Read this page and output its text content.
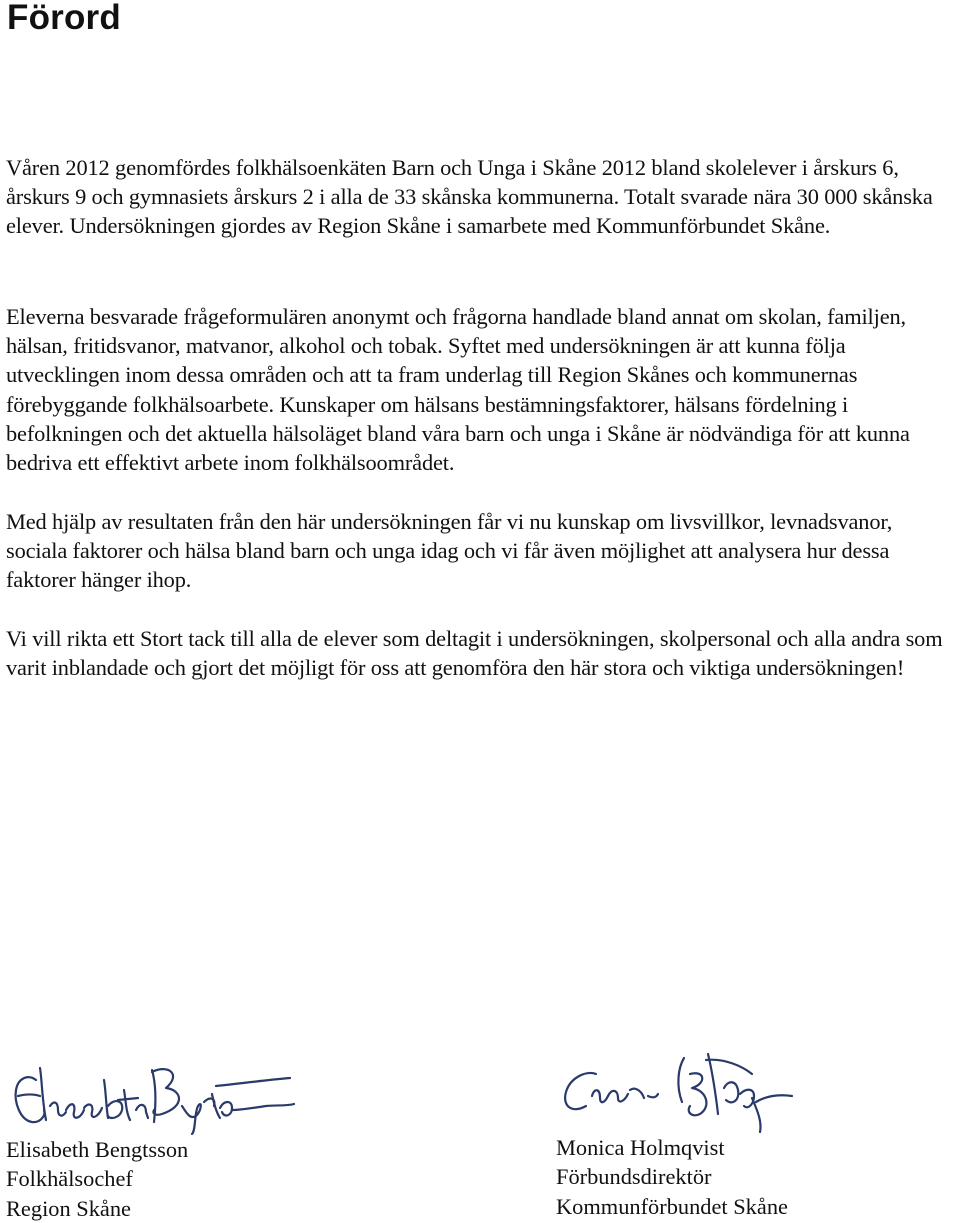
Förord

Våren 2012 genomfördes folkhälsoenkäten Barn och Unga i Skåne 2012 bland skolelever i årskurs 6, årskurs 9 och gymnasiets årskurs 2 i alla de 33 skånska kommunerna. Totalt svarade nära 30 000 skånska elever. Undersökningen gjordes av Region Skåne i samarbete med Kommunförbundet Skåne.

Eleverna besvarade frågeformulären anonymt och frågorna handlade bland annat om skolan, familjen, hälsan, fritidsvanor, matvanor, alkohol och tobak. Syftet med undersökningen är att kunna följa utvecklingen inom dessa områden och att ta fram underlag till Region Skånes och kommunernas förebyggande folkhälsoarbete. Kunskaper om hälsans bestämningsfaktorer, hälsans fördelning i befolkningen och det aktuella hälsoläget bland våra barn och unga i Skåne är nödvändiga för att kunna bedriva ett effektivt arbete inom folkhälsoområdet.

Med hjälp av resultaten från den här undersökningen får vi nu kunskap om livsvillkor, levnadsvanor, sociala faktorer och hälsa bland barn och unga idag och vi får även möjlighet att analysera hur dessa faktorer hänger ihop.

Vi vill rikta ett Stort tack till alla de elever som deltagit i undersökningen, skolpersonal och alla andra som varit inblandade och gjort det möjligt för oss att genomföra den här stora och viktiga undersökningen!

Elisabeth Bengtsson
Folkhälsochef
Region Skåne
Monica Holmqvist
Förbundsdirektör
Kommunförbundet Skåne
